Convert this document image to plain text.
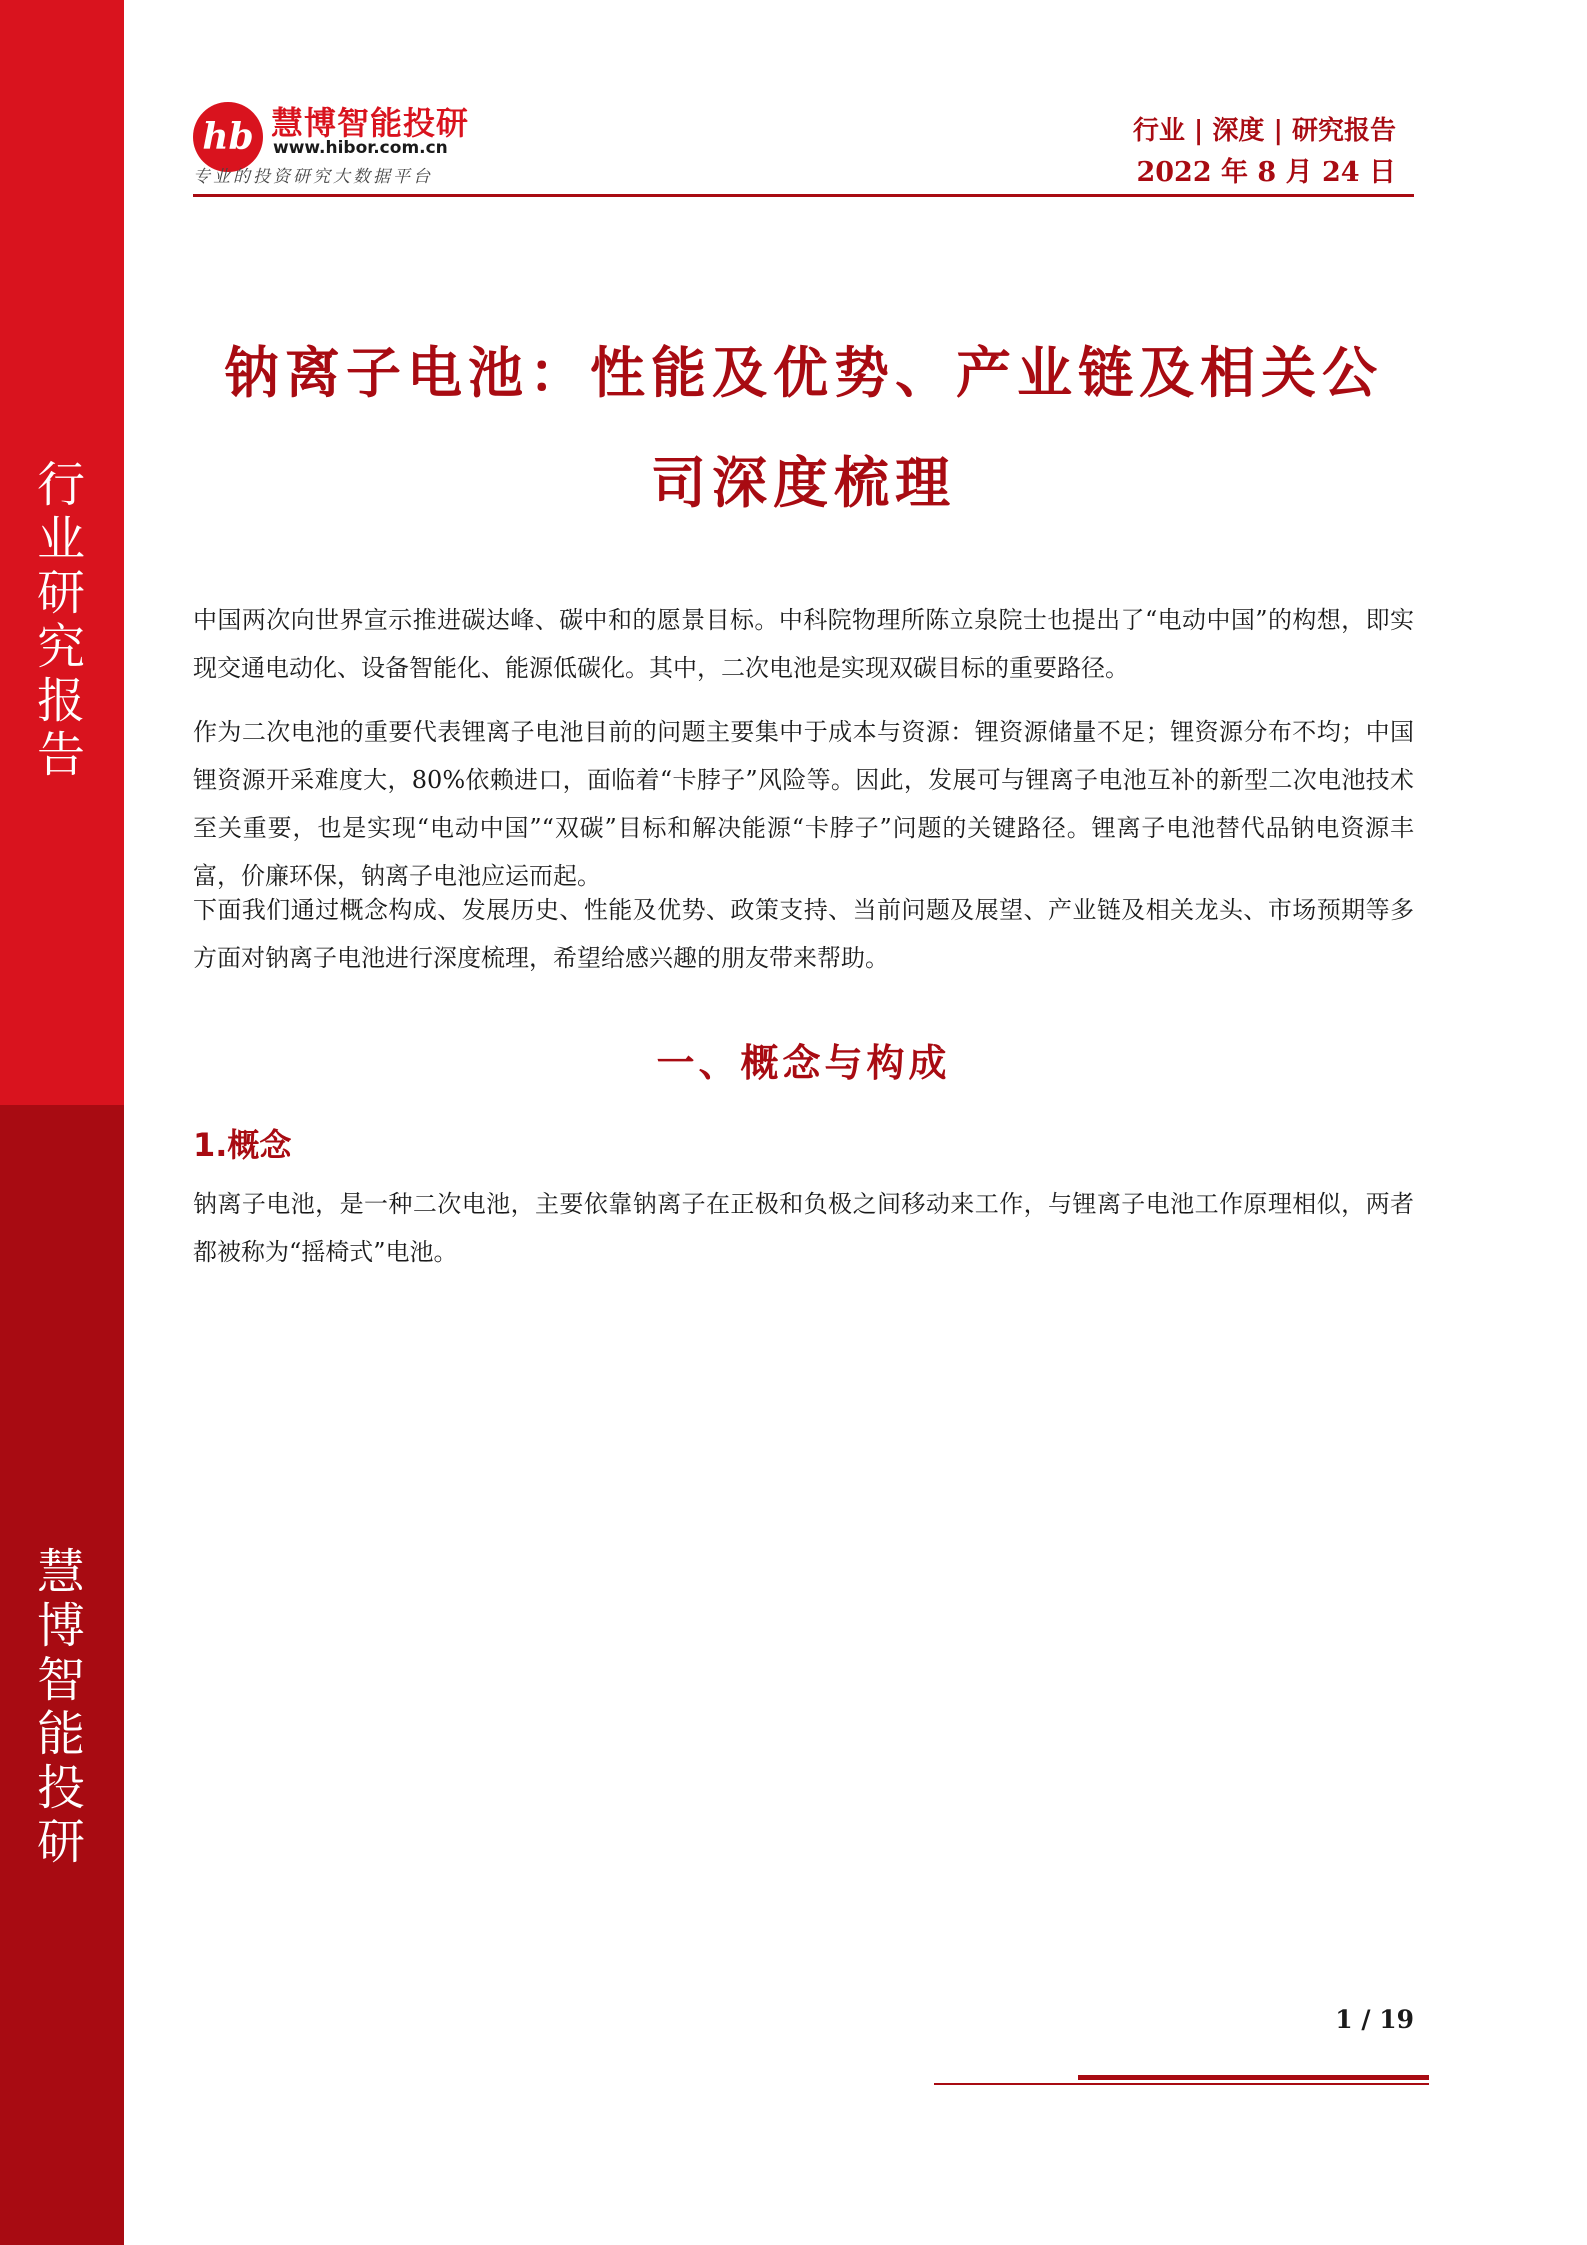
行
业
研
究
报
告
慧
博
智
能
投
研
hb 慧博智能投研
www.hibor.com.cn
专业的投资研究大数据平台
行业 | 深度 | 研究报告
2022 年 8 月 24 日
钠离子电池：性能及优势、产业链及相关公
司深度梳理

中国两次向世界宣示推进碳达峰、碳中和的愿景目标。中科院物理所陈立泉院士也提出了“电动中国”的构想，即实现交通电动化、设备智能化、能源低碳化。其中，二次电池是实现双碳目标的重要路径。

作为二次电池的重要代表锂离子电池目前的问题主要集中于成本与资源：锂资源储量不足；锂资源分布不均；中国锂资源开采难度大，80%依赖进口，面临着“卡脖子”风险等。因此，发展可与锂离子电池互补的新型二次电池技术至关重要，也是实现“电动中国”“双碳”目标和解决能源“卡脖子”问题的关键路径。锂离子电池替代品钠电资源丰富，价廉环保，钠离子电池应运而起。

下面我们通过概念构成、发展历史、性能及优势、政策支持、当前问题及展望、产业链及相关龙头、市场预期等多方面对钠离子电池进行深度梳理，希望给感兴趣的朋友带来帮助。

一、概念与构成
1.概念

钠离子电池，是一种二次电池，主要依靠钠离子在正极和负极之间移动来工作，与锂离子电池工作原理相似，两者都被称为“摇椅式”电池。

1 / 19
